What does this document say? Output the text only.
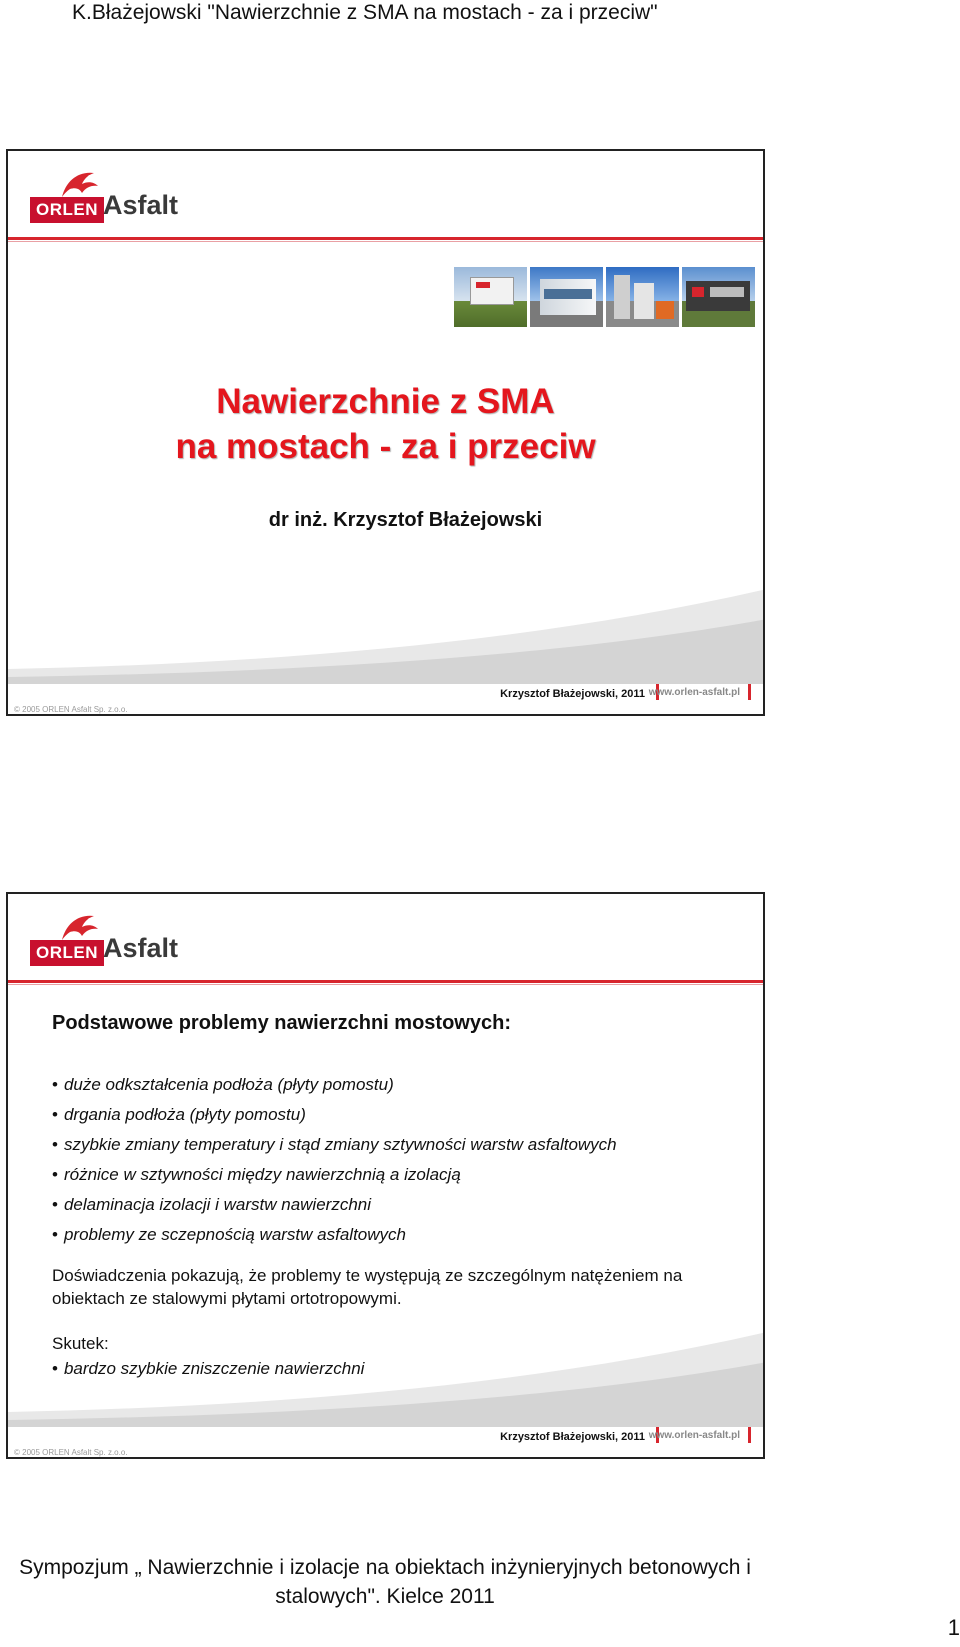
K.Błażejowski "Nawierzchnie z SMA na mostach - za i przeciw"
ORLEN Asfalt
Nawierzchnie z SMA
na mostach - za i przeciw
dr inż. Krzysztof Błażejowski
Krzysztof Błażejowski, 2011 www.orlen-asfalt.pl
© 2005 ORLEN Asfalt Sp. z.o.o.
ORLEN Asfalt
Podstawowe problemy nawierzchni mostowych:
• duże odkształcenia podłoża (płyty pomostu)
• drgania podłoża (płyty pomostu)
• szybkie zmiany temperatury i stąd zmiany sztywności warstw asfaltowych
• różnice w sztywności między nawierzchnią a izolacją
• delaminacja izolacji i warstw nawierzchni
• problemy ze sczepnością warstw asfaltowych
Doświadczenia pokazują, że problemy te występują ze szczególnym natężeniem na obiektach ze stalowymi płytami ortotropowymi.
Skutek:
• bardzo szybkie zniszczenie nawierzchni
Krzysztof Błażejowski, 2011 www.orlen-asfalt.pl
© 2005 ORLEN Asfalt Sp. z.o.o.
Sympozjum „ Nawierzchnie i izolacje na obiektach inżynieryjnych betonowych i
stalowych". Kielce 2011
1
